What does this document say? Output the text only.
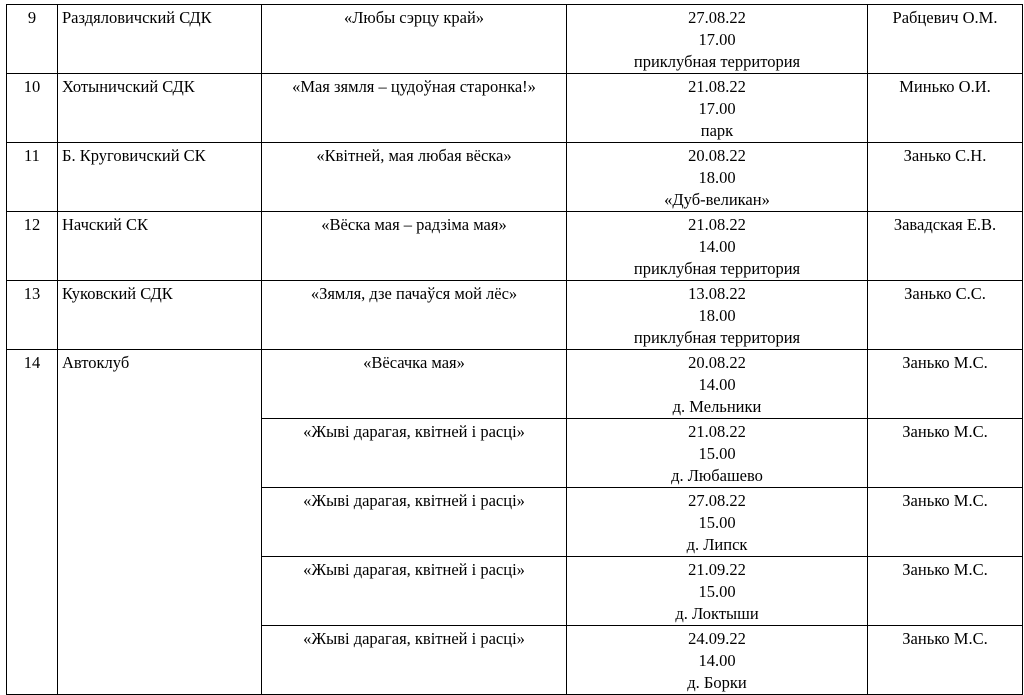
9	Раздяловичский СДК	«Любы сэрцу край»	27.08.22
17.00
приклубная территория	Рабцевич О.М.
10	Хотыничский СДК	«Мая зямля – цудоўная старонка!»	21.08.22
17.00
парк	Минько О.И.
11	Б. Круговичский СК	«Квітней, мая любая вёска»	20.08.22
18.00
«Дуб-великан»	Занько С.Н.
12	Начский СК	«Вёска мая – радзіма мая»	21.08.22
14.00
приклубная территория	Завадская Е.В.
13	Куковский СДК	«Зямля, дзе пачаўся мой лёс»	13.08.22
18.00
приклубная территория	Занько С.С.
14	Автоклуб	«Вёсачка мая»	20.08.22
14.00
д. Мельники	Занько М.С.
		«Жыві дарагая, квітней і расці»	21.08.22
15.00
д. Любашево	Занько М.С.
		«Жыві дарагая, квітней і расці»	27.08.22
15.00
д. Липск	Занько М.С.
		«Жыві дарагая, квітней і расці»	21.09.22
15.00
д. Локтыши	Занько М.С.
		«Жыві дарагая, квітней і расці»	24.09.22
14.00
д. Борки	Занько М.С.
